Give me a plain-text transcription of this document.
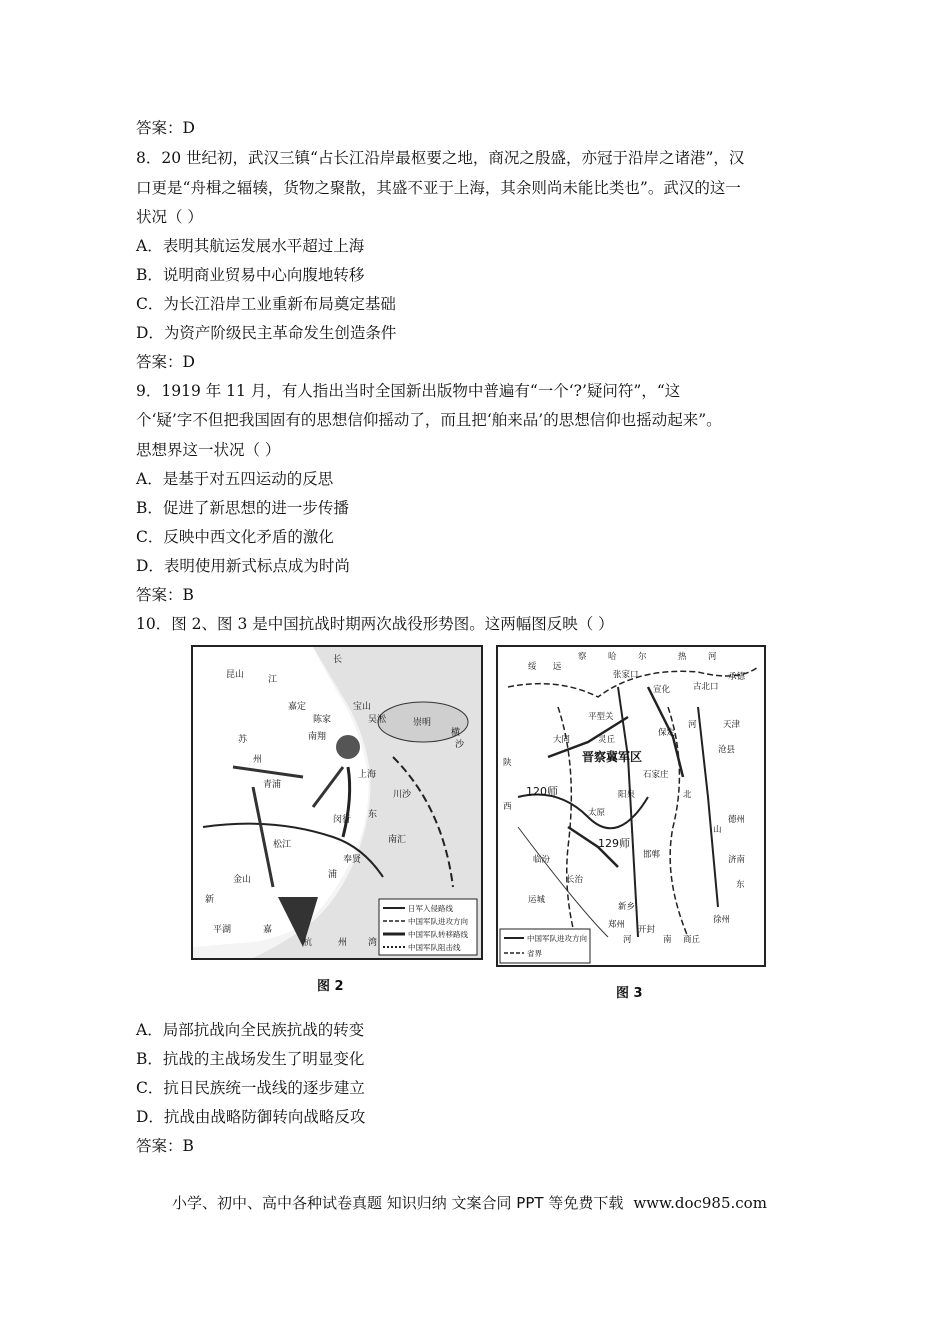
答案：D
8．20 世纪初，武汉三镇“占长江沿岸最枢要之地，商况之殷盛，亦冠于沿岸之诸港”，汉
口更是“舟楫之辐辏，货物之聚散，其盛不亚于上海，其余则尚未能比类也”。武汉的这一
状况（ ）
A．表明其航运发展水平超过上海
B．说明商业贸易中心向腹地转移
C．为长江沿岸工业重新布局奠定基础
D．为资产阶级民主革命发生创造条件
答案：D
9．1919 年 11 月，有人指出当时全国新出版物中普遍有“一个‘?’疑问符”，“这
个‘疑’字不但把我国固有的思想信仰摇动了，而且把‘舶来品’的思想信仰也摇动起来”。
思想界这一状况（ ）
A．是基于对五四运动的反思
B．促进了新思想的进一步传播
C．反映中西文化矛盾的激化
D．表明使用新式标点成为时尚
答案：B
10．图 2、图 3 是中国抗战时期两次战役形势图。这两幅图反映（ ）
昆山
嘉定
江
长
崇明
陈家
南翔
上海
川沙
青浦
松江
闵行
奉贤
南汇
金山
平湖
浦
东
嘉
杭	州 湾
苏
州
横
沙
宝山
吴淞
新
日军入侵路线
中国军队进攻方向
中国军队转移路线
中国军队阻击线
图 2
察	哈	尔	热	河
张家口
宣化	古北口
承德
绥 远
平型关
保定
天津
大同	灵丘
沧县
晋察冀军区
河
北
120师
129师
太原
陕
西
阳泉
石家庄
山
东
临汾
长治
邯郸
德州
济南
新乡
开封
南
河
运城
郑州	徐州
商丘
中国军队进攻方向
省界
图 3
A．局部抗战向全民族抗战的转变
B．抗战的主战场发生了明显变化
C．抗日民族统一战线的逐步建立
D．抗战由战略防御转向战略反攻
答案：B
小学、初中、高中各种试卷真题 知识归纳 文案合同 PPT 等免费下载 www.doc985.com
